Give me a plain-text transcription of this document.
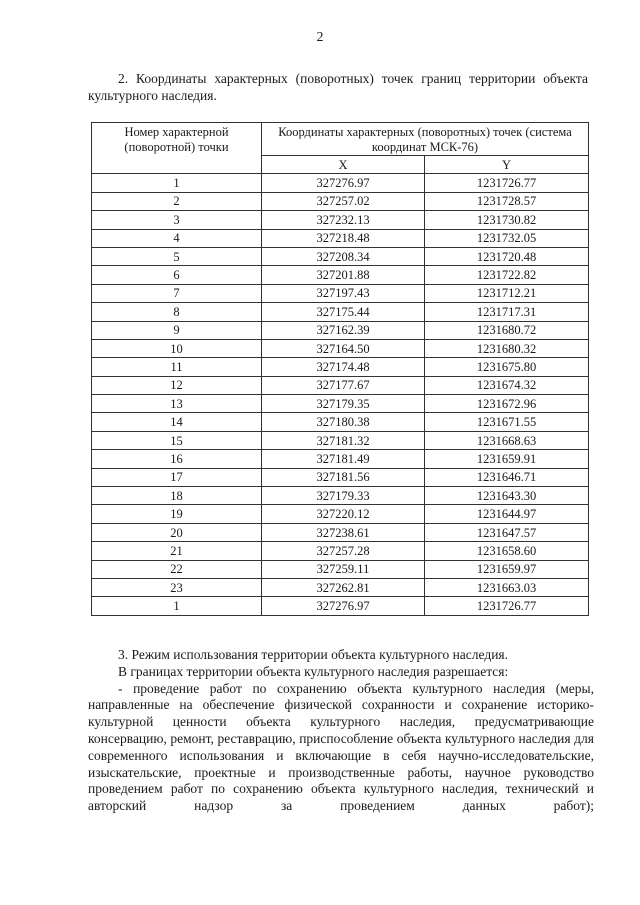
2
2. Координаты характерных (поворотных) точек границ территории объекта культурного наследия.
Номер характерной (поворотной) точки	Координаты характерных (поворотных) точек (система координат МСК-76)	
	X	Y
1	327276.97	1231726.77
2	327257.02	1231728.57
3	327232.13	1231730.82
4	327218.48	1231732.05
5	327208.34	1231720.48
6	327201.88	1231722.82
7	327197.43	1231712.21
8	327175.44	1231717.31
9	327162.39	1231680.72
10	327164.50	1231680.32
11	327174.48	1231675.80
12	327177.67	1231674.32
13	327179.35	1231672.96
14	327180.38	1231671.55
15	327181.32	1231668.63
16	327181.49	1231659.91
17	327181.56	1231646.71
18	327179.33	1231643.30
19	327220.12	1231644.97
20	327238.61	1231647.57
21	327257.28	1231658.60
22	327259.11	1231659.97
23	327262.81	1231663.03
1	327276.97	1231726.77

3. Режим использования территории объекта культурного наследия.

В границах территории объекта культурного наследия разрешается:

- проведение работ по сохранению объекта культурного наследия (меры, направленные на обеспечение физической сохранности и сохранение историко-культурной ценности объекта культурного наследия, предусматривающие консервацию, ремонт, реставрацию, приспособление объекта культурного наследия для современного использования и включающие в себя научно-исследовательские, изыскательские, проектные и производственные работы, научное руководство проведением работ по сохранению объекта культурного наследия, технический и авторский надзор за проведением данных работ);
